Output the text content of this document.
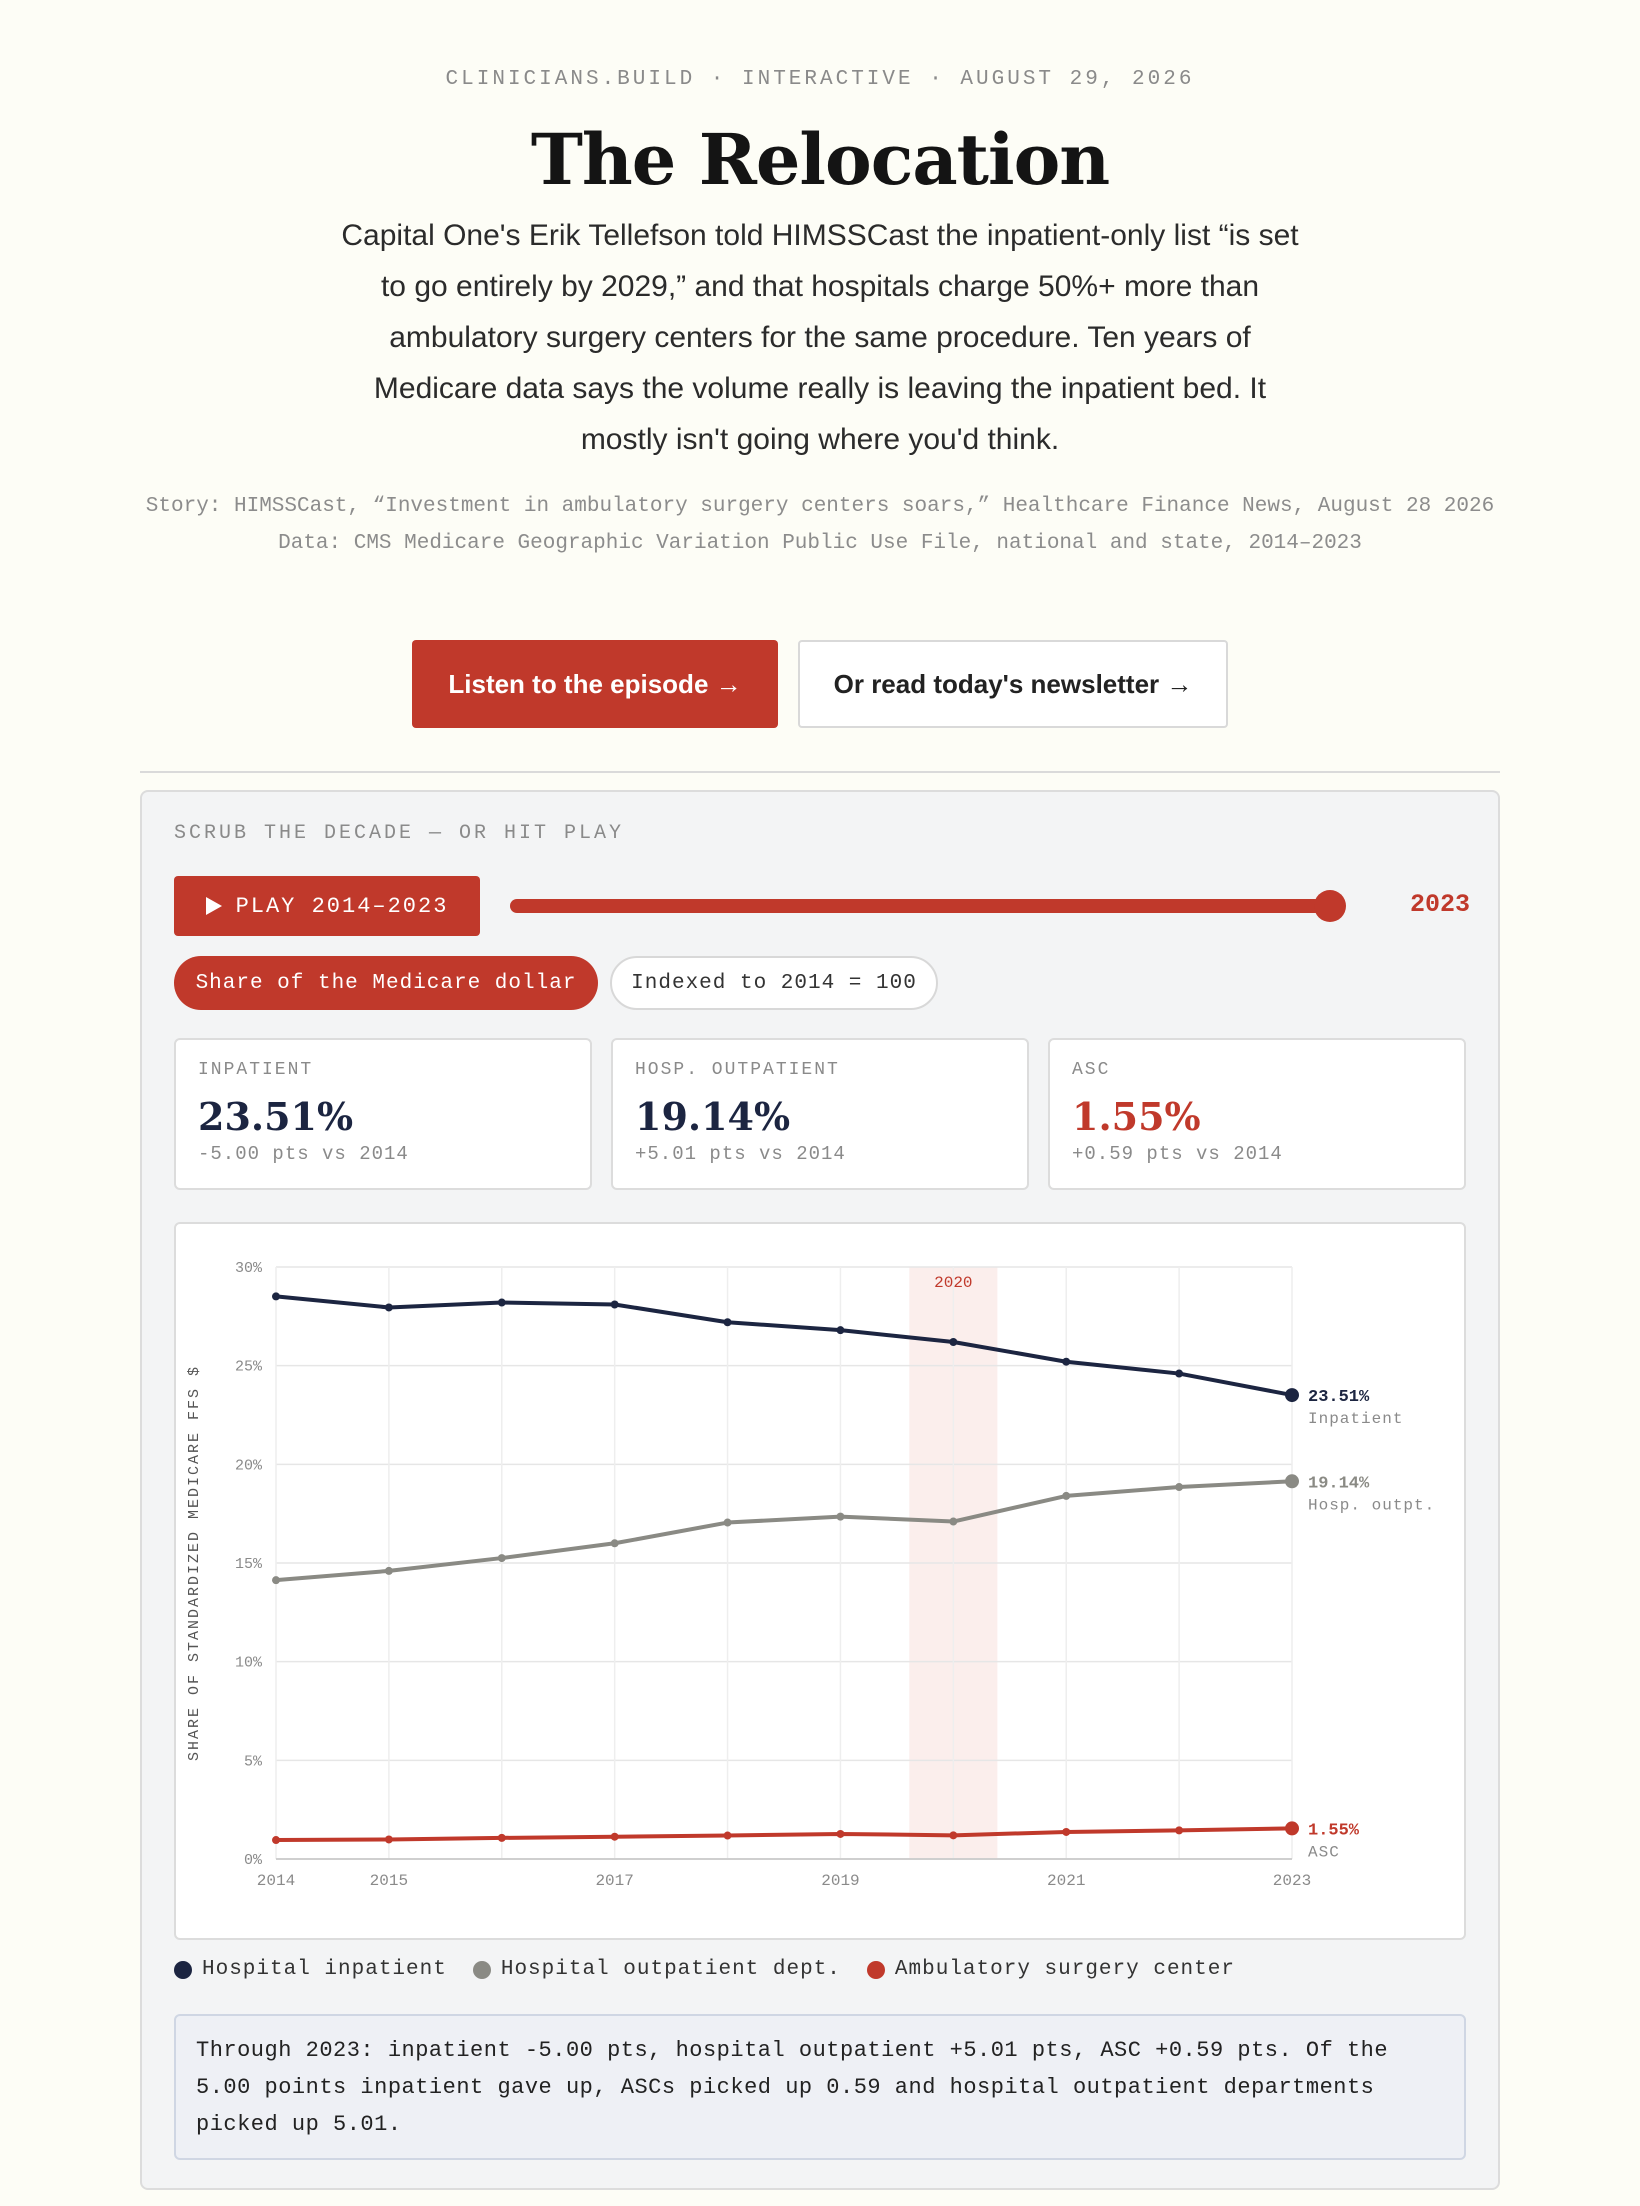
CLINICIANS.BUILD · INTERACTIVE · AUGUST 29, 2026
The Relocation
Capital One's Erik Tellefson told HIMSSCast the inpatient-only list “is set to go entirely by 2029,” and that hospitals charge 50%+ more than ambulatory surgery centers for the same procedure. Ten years of Medicare data says the volume really is leaving the inpatient bed. It mostly isn't going where you'd think.
Story: HIMSSCast, “Investment in ambulatory surgery centers soars,” Healthcare Finance News, August 28 2026
Data: CMS Medicare Geographic Variation Public Use File, national and state, 2014–2023
Listen to the episode →	Or read today's newsletter →
SCRUB THE DECADE — OR HIT PLAY
PLAY 2014–2023	2023
Share of the Medicare dollar	Indexed to 2014 = 100
INPATIENT
23.51%
-5.00 pts vs 2014
HOSP. OUTPATIENT
19.14%
+5.01 pts vs 2014
ASC
1.55%
+0.59 pts vs 2014
2020
0%
5%
10%
15%
20%
25%
30%
2014	2015	2017	2019	2021	2023
SHARE OF STANDARDIZED MEDICARE FFS $	23.51%
Inpatient
19.14%
Hosp. outpt.
1.55%
ASC
Hospital inpatient	Hospital outpatient dept.	Ambulatory surgery center
Through 2023: inpatient -5.00 pts, hospital outpatient +5.01 pts, ASC +0.59 pts. Of the 5.00 points inpatient gave up, ASCs picked up 0.59 and hospital outpatient departments picked up 5.01.
